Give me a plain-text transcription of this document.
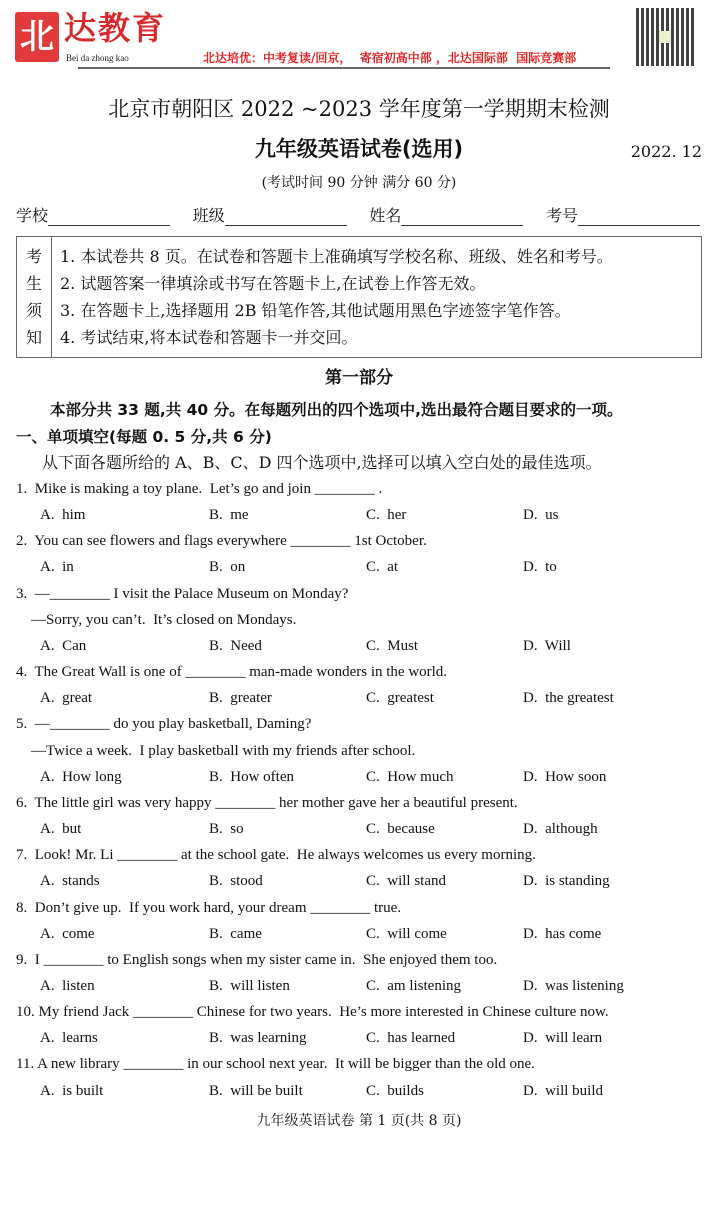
北 达教育
Bei da zhong kao	北达培优：中考复读/回京，  寄宿初高中部 ，北达国际部  国际竞赛部
北京市朝阳区 2022 ~2023 学年度第一学期期末检测
九年级英语试卷(选用)	2022. 12
(考试时间 90 分钟 满分 60 分)
学校	班级	姓名	考号
考
生
须
知
1. 本试卷共 8 页。在试卷和答题卡上准确填写学校名称、班级、姓名和考号。
2. 试题答案一律填涂或书写在答题卡上,在试卷上作答无效。
3. 在答题卡上,选择题用 2B 铅笔作答,其他试题用黑色字迹签字笔作答。
4. 考试结束,将本试卷和答题卡一并交回。
第一部分
本部分共 33 题,共 40 分。在每题列出的四个选项中,选出最符合题目要求的一项。
一、单项填空(每题 0. 5 分,共 6 分)
从下面各题所给的 A、B、C、D 四个选项中,选择可以填入空白处的最佳选项。
1.  Mike is making a toy plane.  Let’s go and join ________ .
A.  him	B.  me	C.  her	D.  us
2.  You can see flowers and flags everywhere ________ 1st October.
A.  in	B.  on	C.  at	D.  to
3.  —________ I visit the Palace Museum on Monday?
—Sorry, you can’t.  It’s closed on Mondays.
A.  Can	B.  Need	C.  Must	D.  Will
4.  The Great Wall is one of ________ man-made wonders in the world.
A.  great	B.  greater	C.  greatest	D.  the greatest
5.  —________ do you play basketball, Daming?
—Twice a week.  I play basketball with my friends after school.
A.  How long	B.  How often	C.  How much	D.  How soon
6.  The little girl was very happy ________ her mother gave her a beautiful present.
A.  but	B.  so	C.  because	D.  although
7.  Look! Mr. Li ________ at the school gate.  He always welcomes us every morning.
A.  stands	B.  stood	C.  will stand	D.  is standing
8.  Don’t give up.  If you work hard, your dream ________ true.
A.  come	B.  came	C.  will come	D.  has come
9.  I ________ to English songs when my sister came in.  She enjoyed them too.
A.  listen	B.  will listen	C.  am listening	D.  was listening
10. My friend Jack ________ Chinese for two years.  He’s more interested in Chinese culture now.
A.  learns	B.  was learning	C.  has learned	D.  will learn
11. A new library ________ in our school next year.  It will be bigger than the old one.
A.  is built	B.  will be built	C.  builds	D.  will build
九年级英语试卷 第 1 页(共 8 页)
